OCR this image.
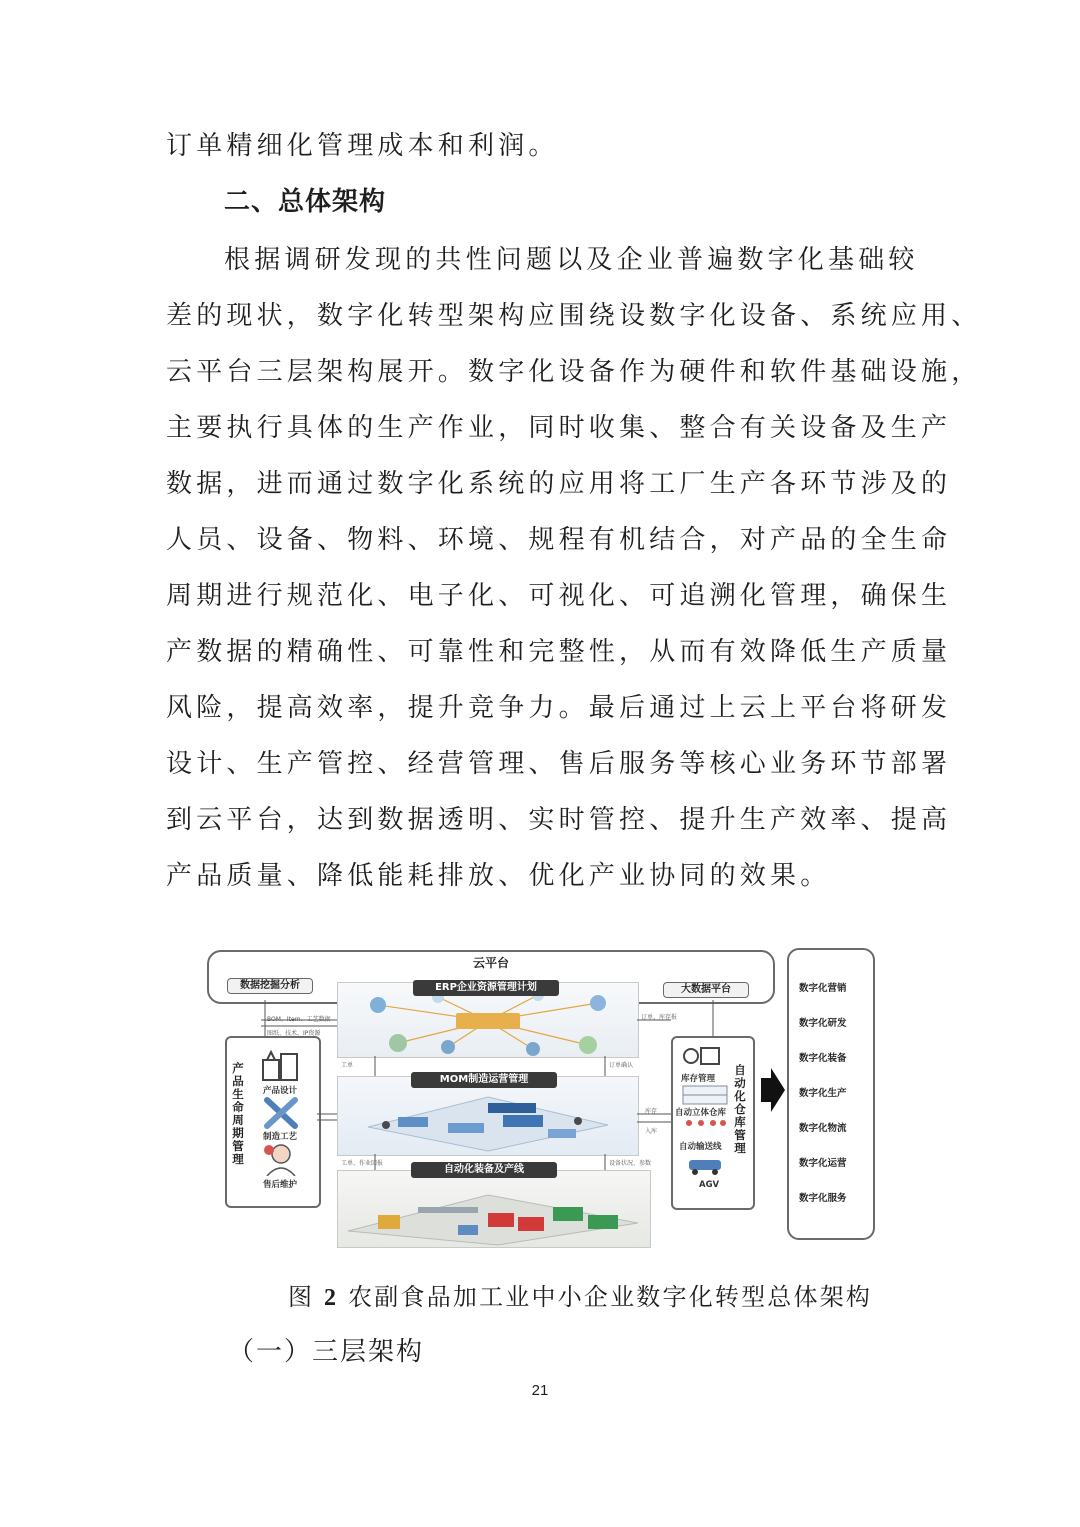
订单精细化管理成本和利润。
二、总体架构
根据调研发现的共性问题以及企业普遍数字化基础较
差的现状，数字化转型架构应围绕设数字化设备、系统应用、
云平台三层架构展开。数字化设备作为硬件和软件基础设施，
主要执行具体的生产作业，同时收集、整合有关设备及生产
数据，进而通过数字化系统的应用将工厂生产各环节涉及的
人员、设备、物料、环境、规程有机结合，对产品的全生命
周期进行规范化、电子化、可视化、可追溯化管理，确保生
产数据的精确性、可靠性和完整性，从而有效降低生产质量
风险，提高效率，提升竞争力。最后通过上云上平台将研发
设计、生产管控、经营管理、售后服务等核心业务环节部署
到云平台，达到数据透明、实时管控、提升生产效率、提高
产品质量、降低能耗排放、优化产业协同的效果。
云平台
数据挖掘分析	大数据平台
ERP企业资源管理计划
MOM制造运营管理
自动化装备及产线
产品生命周期管理
产品设计
制造工艺
售后维护
库存管理
自动立体仓库
自动输送线
AGV
自动化仓库管理
BOM、Item、工艺数据
图纸、技术、IP资源
订单、库存报
工单	订单确认
库存
入库
工单、作业回报	设备状况、参数
数字化营销
数字化研发
数字化装备
数字化生产
数字化物流
数字化运营
数字化服务
图 2 农副食品加工业中小企业数字化转型总体架构
（一）三层架构
21
